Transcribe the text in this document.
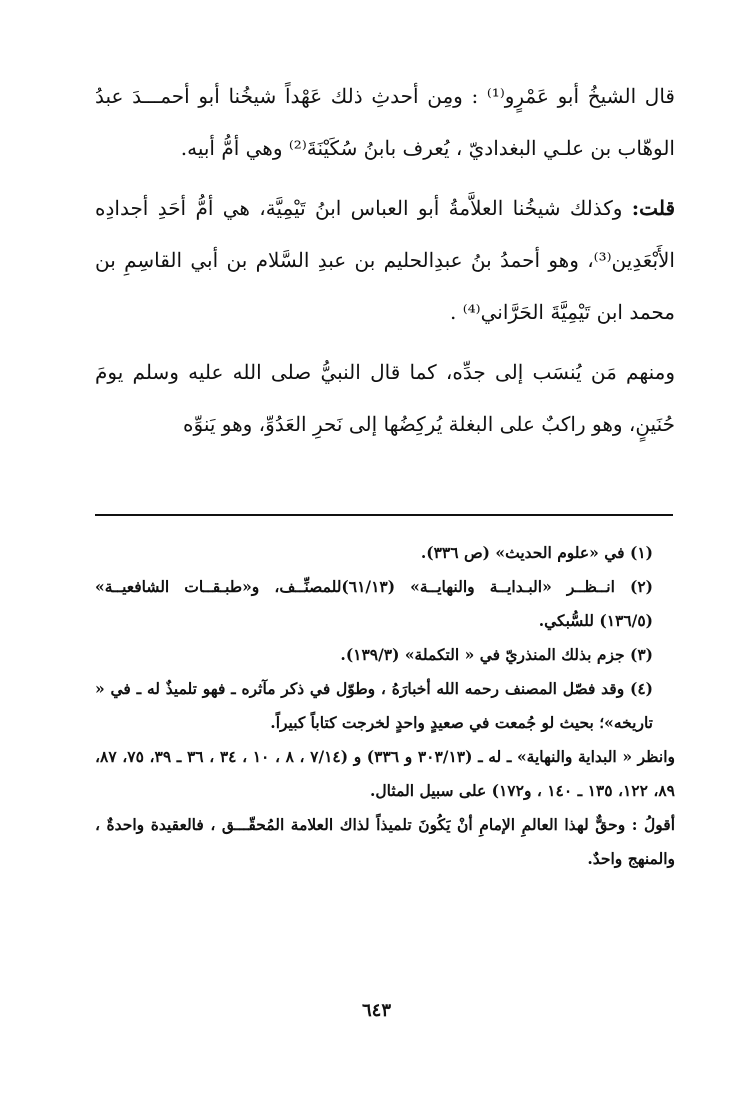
قال الشيخُ أبو عَمْرٍو⁽¹⁾ : ومِن أحدثِ ذلك عَهْداً شيخُنا أبو أحمـــدَ عبدُ الوهّاب بن علـي البغداديّ ، يُعرف بابنُ سُكَيْنَةَ⁽²⁾ وهي أمُّ أبيه.

قلت: وكذلك شيخُنا العلاَّمةُ أبو العباس ابنُ تَيْمِيَّة، هي أمُّ أحَدِ أجدادِه الأَبْعَدِين⁽³⁾، وهو أحمدُ بنُ عبدِالحليم بن عبدِ السَّلام بن أبي القاسِمِ بن محمد ابن تَيْمِيَّةَ الحَرَّاني⁽⁴⁾ .

ومنهم مَن يُنسَب إلى جدِّه، كما قال النبيُّ صلى الله عليه وسلم يومَ حُنَينٍ، وهو راكبٌ على البغلة يُركِضُها إلى نَحرِ العَدُوِّ، وهو يَنوِّه

(١) في «علوم الحديث» (ص ٣٣٦).

(٢) انــظــر «البـدايــة والنهايــة» (٦١/١٣)للمصنِّــف، و«طبـقــات الشافعيــة» (١٣٦/٥) للسُّبكي.

(٣) جزم بذلك المنذريّ في « التكملة» (١٣٩/٣).

(٤) وقد فصّل المصنف رحمه الله أخبارَهُ ، وطوّل في ذكر مآثره ـ فهو تلميذٌ له ـ في « تاريخه»؛ بحيث لو جُمعت في صعيدٍ واحدٍ لخرجت كتاباً كبيراً.

وانظر « البداية والنهاية» ـ له ـ (٣٠٣/١٣ و ٣٣٦) و (٧/١٤ ، ٨ ، ١٠ ، ٣٤ ، ٣٦ ـ ٣٩، ٧٥، ٨٧، ٨٩، ١٢٢، ١٣٥ ـ ١٤٠ ، و١٧٢) على سبيل المثال.

أقولُ : وحقٌّ لهذا العالمِ الإمامِ أنْ يَكُونَ تلميذاً لذاك العلامة المُحقّـــق ، فالعقيدة واحدةٌ ، والمنهج واحدٌ.

٦٤٣
